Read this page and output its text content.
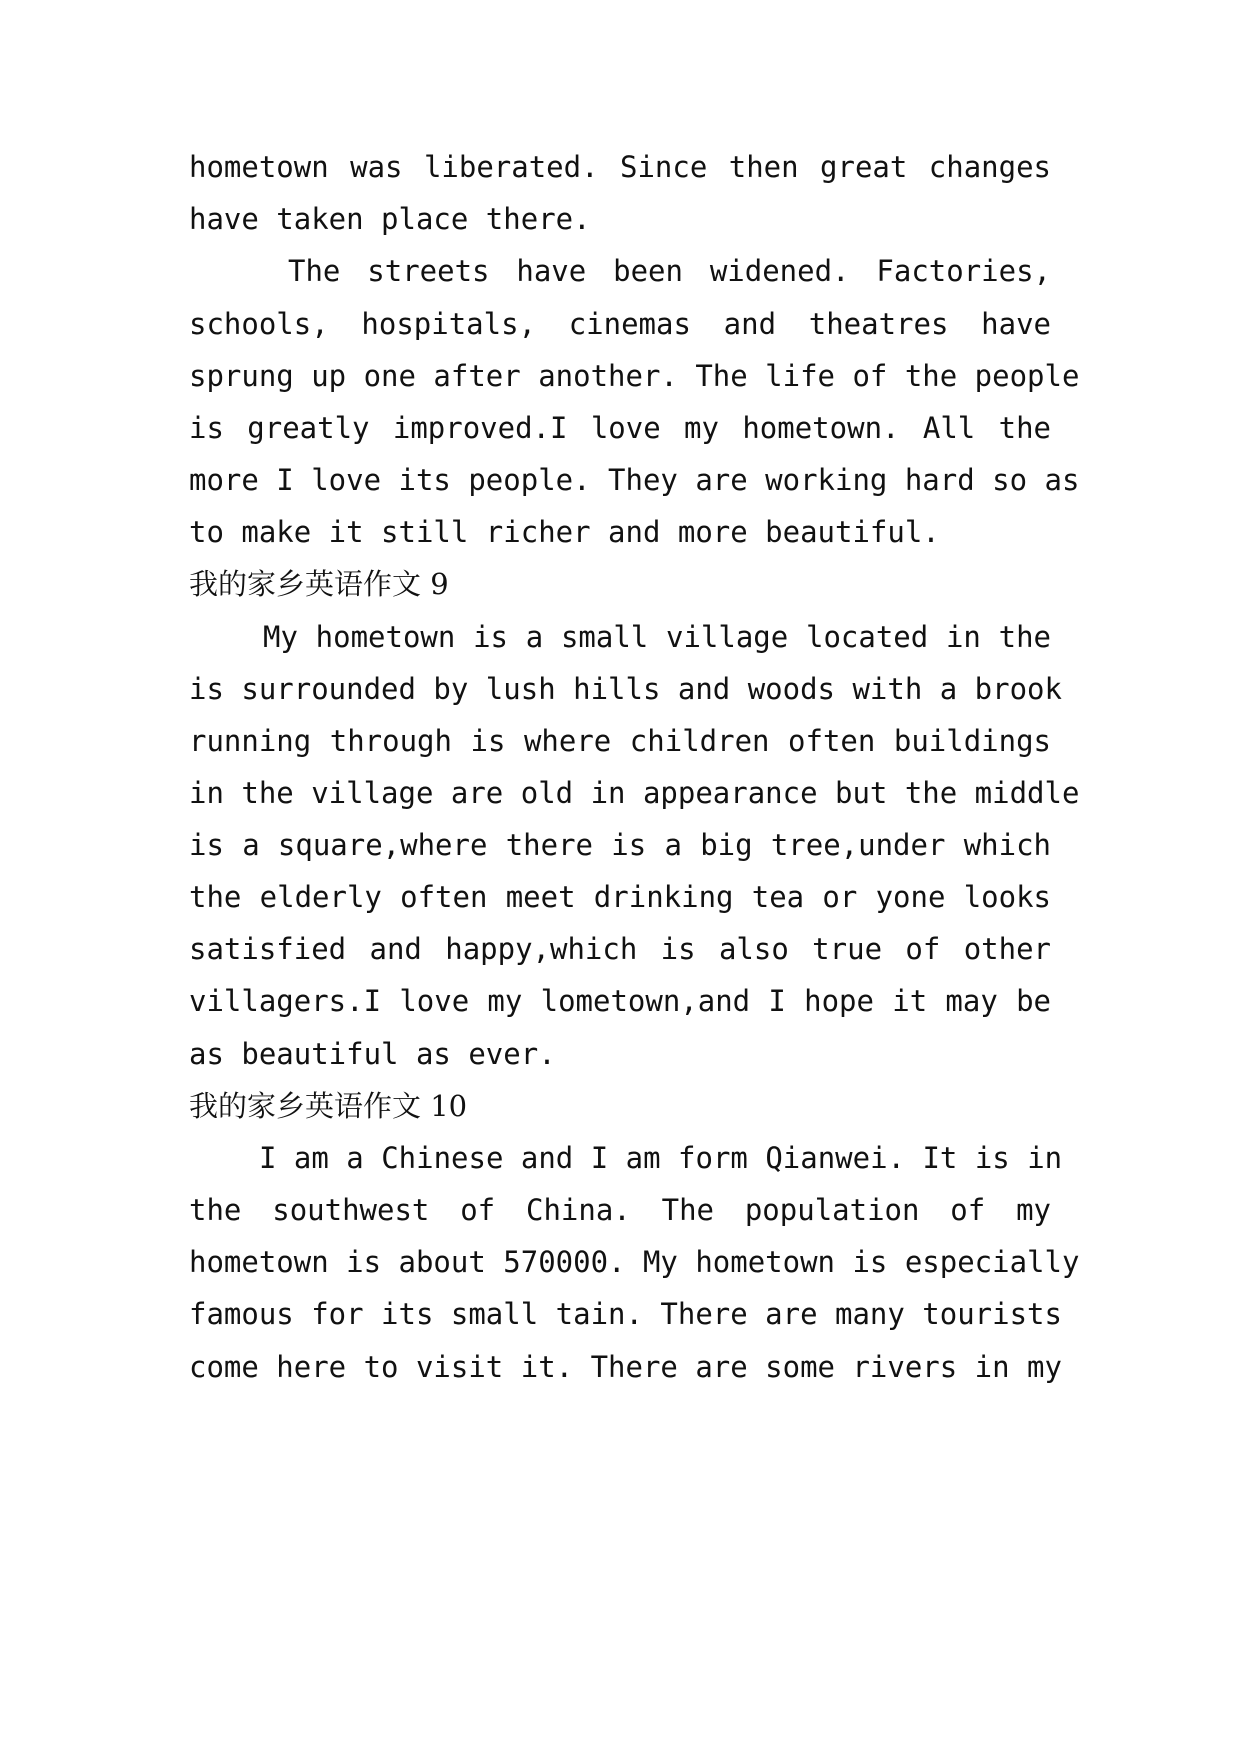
hometown was liberated. Since then great changes
have taken place there.
The streets have been widened. Factories,
schools, hospitals, cinemas and theatres have
sprung up one after another. The life of the people
is greatly improved.I love my hometown. All the
more I love its people. They are working hard so as
to make it still richer and more beautiful.
我的家乡英语作文 9
My hometown is a small village located in the
is surrounded by lush hills and woods with a brook
running through is where children often buildings
in the village are old in appearance but the middle
is a square,where there is a big tree,under which
the elderly often meet drinking tea or yone looks
satisfied and happy,which is also true of other
villagers.I love my lometown,and I hope it may be
as beautiful as ever.
我的家乡英语作文 10
I am a Chinese and I am form Qianwei. It is in
the southwest of China. The population of my
hometown is about 570000. My hometown is especially
famous for its small tain. There are many tourists
come here to visit it. There are some rivers in my
